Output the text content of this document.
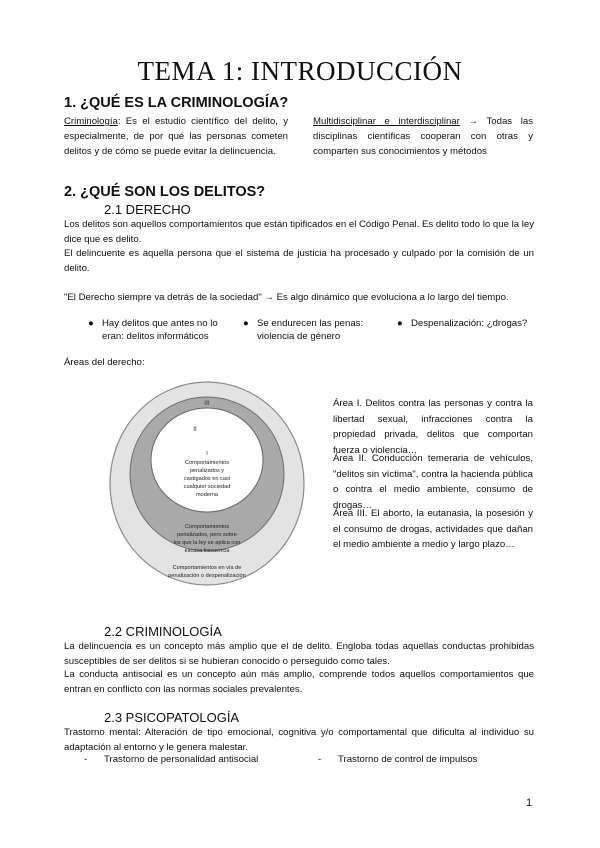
TEMA 1: INTRODUCCIÓN
1. ¿QUÉ ES LA CRIMINOLOGÍA?
Criminología: Es el estudio científico del delito, y especialmente, de por qué las personas cometen delitos y de cómo se puede evitar la delincuencia.
Multidisciplinar e interdisciplinar → Todas las disciplinas científicas cooperan con otras y comparten sus conocimientos y métodos
2. ¿QUÉ SON LOS DELITOS?
2.1 DERECHO
Los delitos son aquellos comportamientos que están tipificados en el Código Penal. Es delito todo lo que la ley dice que es delito.
El delincuente es aquella persona que el sistema de justicia ha procesado y culpado por la comisión de un delito.
"El Derecho siempre va detrás de la sociedad" → Es algo dinámico que evoluciona a lo largo del tiempo.
● Hay delitos que antes no lo
eran: delitos informáticos
● Se endurecen las penas:
violencia de género
● Despenalización: ¿drogas?
Áreas del derecho:
III
II
I
Comportamientos
penalizados y
castigados en casi
cualquier sociedad
moderna
Comportamientos
penalizados, pero sobre
los que la ley se aplica con
escasa frecuencia
Comportamientos en vía de
penalización o despenalización
Área I. Delitos contra las personas y contra la libertad sexual, infracciones contra la propiedad privada, delitos que comportan fuerza o violencia…
Área II. Conducción temeraria de vehículos, "delitos sin víctima", contra la hacienda pública o contra el medio ambiente, consumo de drogas…
Área III. El aborto, la eutanasia, la posesión y el consumo de drogas, actividades que dañan el medio ambiente a medio y largo plazo…
2.2 CRIMINOLOGÍA
La delincuencia es un concepto más amplio que el de delito. Engloba todas aquellas conductas prohibidas susceptibles de ser delitos si se hubieran conocido o perseguido como tales.
La conducta antisocial es un concepto aún más amplio, comprende todos aquellos comportamientos que entran en conflicto con las normas sociales prevalentes.
2.3 PSICOPATOLOGÍA
Trastorno mental: Alteración de tipo emocional, cognitiva y/o comportamental que dificulta al individuo su adaptación al entorno y le genera malestar.
- Trastorno de personalidad antisocial	- Trastorno de control de impulsos
1
